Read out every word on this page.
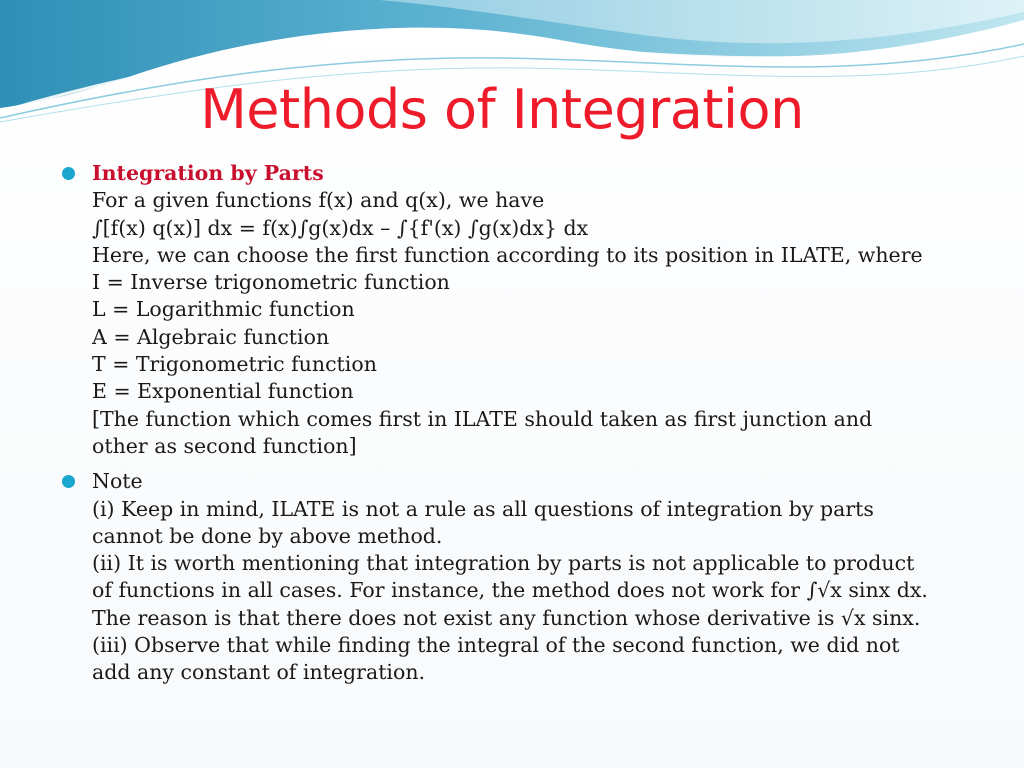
Methods of Integration
Integration by Parts
For a given functions f(x) and q(x), we have
∫[f(x) q(x)] dx = f(x)∫g(x)dx – ∫{f'(x) ∫g(x)dx} dx
Here, we can choose the first function according to its position in ILATE, where
I = Inverse trigonometric function
L = Logarithmic function
A = Algebraic function
T = Trigonometric function
E = Exponential function
[The function which comes first in ILATE should taken as first junction and
other as second function]
Note
(i) Keep in mind, ILATE is not a rule as all questions of integration by parts
cannot be done by above method.
(ii) It is worth mentioning that integration by parts is not applicable to product
of functions in all cases. For instance, the method does not work for ∫√x sinx dx.
The reason is that there does not exist any function whose derivative is √x sinx.
(iii) Observe that while finding the integral of the second function, we did not
add any constant of integration.
